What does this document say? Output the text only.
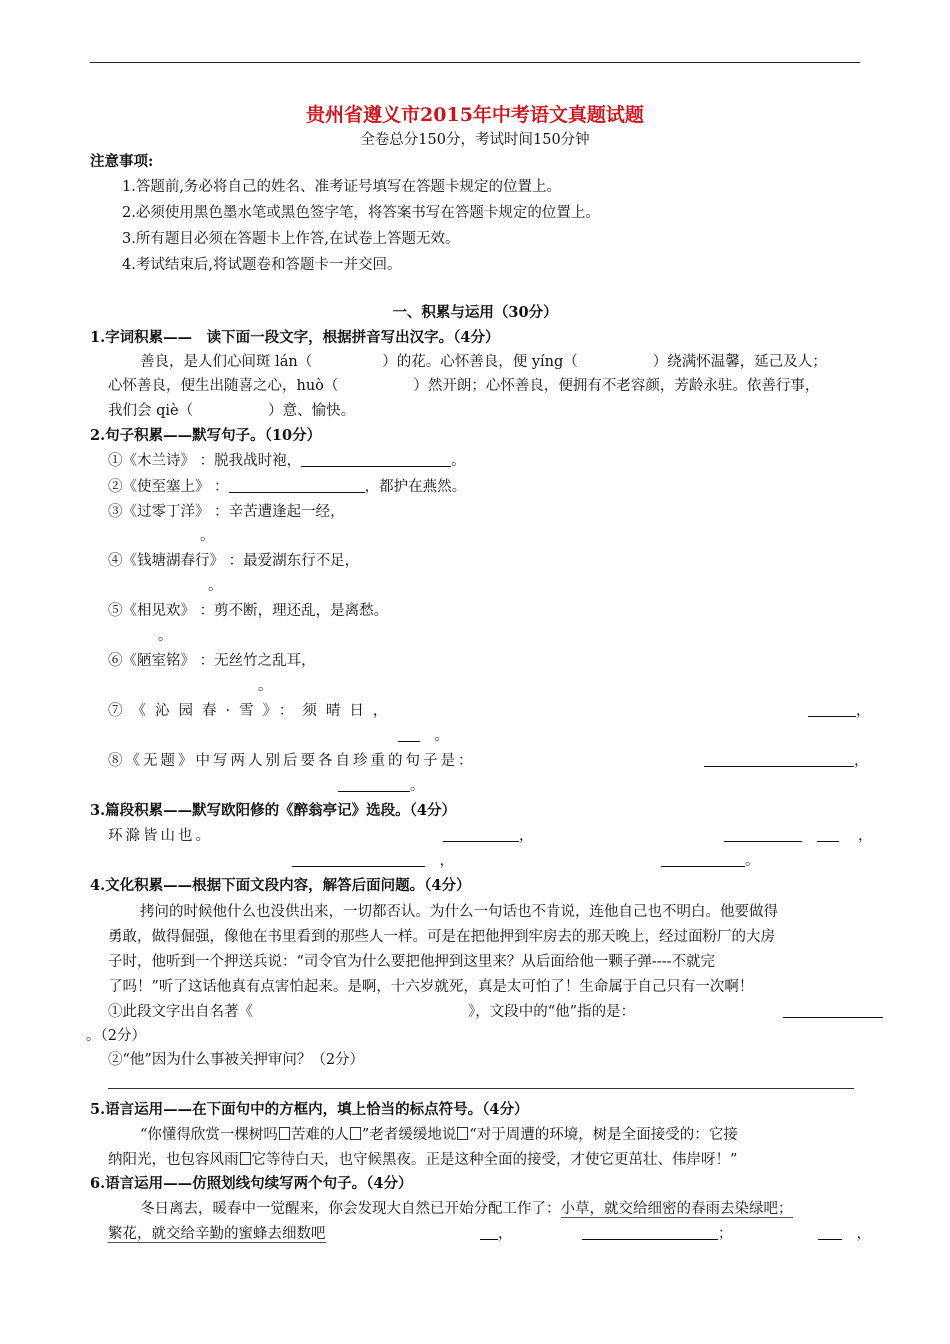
贵州省遵义市2015年中考语文真题试题
全卷总分150分，考试时间150分钟
注意事项:
1.答题前,务必将自己的姓名、准考证号填写在答题卡规定的位置上。
2.必须使用黑色墨水笔或黑色签字笔，将答案书写在答题卡规定的位置上。
3.所有题目必须在答题卡上作答,在试卷上答题无效。
4.考试结束后,将试题卷和答题卡一并交回。
一、积累与运用（30分）
1.字词积累——　读下面一段文字，根据拼音写出汉字。（4分）
善良，是人们心间斑 lán（	）的花。心怀善良，便 yíng（	）绕满怀温馨，延己及人；
心怀善良，便生出随喜之心，huò（	）然开朗；心怀善良，便拥有不老容颜，芳龄永驻。依善行事，
我们会 qiè（	）意、愉快。
2.句子积累——默写句子。（10分）
①《木兰诗》 ：脱我战时袍，	。
②《使至塞上》 ：	，都护在燕然。
③《过零丁洋》 ：辛苦遭逢起一经，
。
④《钱塘湖春行》 ：最爱湖东行不足，
。
⑤《相见欢》 ：剪不断，理还乱，是离愁。
。
⑥《陋室铭》 ：无丝竹之乱耳，
。
⑦《沁园春·雪》：须晴日，	，
　。
⑧《无题》中写两人别后要各自珍重的句子是：	，
。
3.篇段积累——默写欧阳修的《醉翁亭记》选段。（4分）
环滁皆山也。	，
　	，
　，	。
4.文化积累——根据下面文段内容，解答后面问题。（4分）
拷问的时候他什么也没供出来，一切都否认。为什么一句话也不肯说，连他自己也不明白。他要做得
勇敢，做得倔强，像他在书里看到的那些人一样。可是在把他押到牢房去的那天晚上，经过面粉厂的大房
子时，他听到一个押送兵说：“司令官为什么要把他押到这里来？从后面给他一颗子弹----不就完
了吗！”听了这话他真有点害怕起来。是啊，十六岁就死，真是太可怕了！生命属于自己只有一次啊！
①此段文字出自名著《	》，文段中的“他”指的是：
。（2分）
②“他”因为什么事被关押审问？（2分）
5.语言运用——在下面句中的方框内，填上恰当的标点符号。（4分）
“你懂得欣赏一棵树吗 苦难的人 ”老者缓缓地说 “对于周遭的环境，树是全面接受的：它接
纳阳光，也包容风雨 它等待白天，也守候黑夜。正是这种全面的接受，才使它更茁壮、伟岸呀！”
6.语言运用——仿照划线句续写两个句子。（4分）
冬日离去，暖春中一觉醒来，你会发现大自然已开始分配工作了：小草，就交给细密的春雨去染绿吧；
繁花，就交给辛勤的蜜蜂去细数吧	，	；
　	，
